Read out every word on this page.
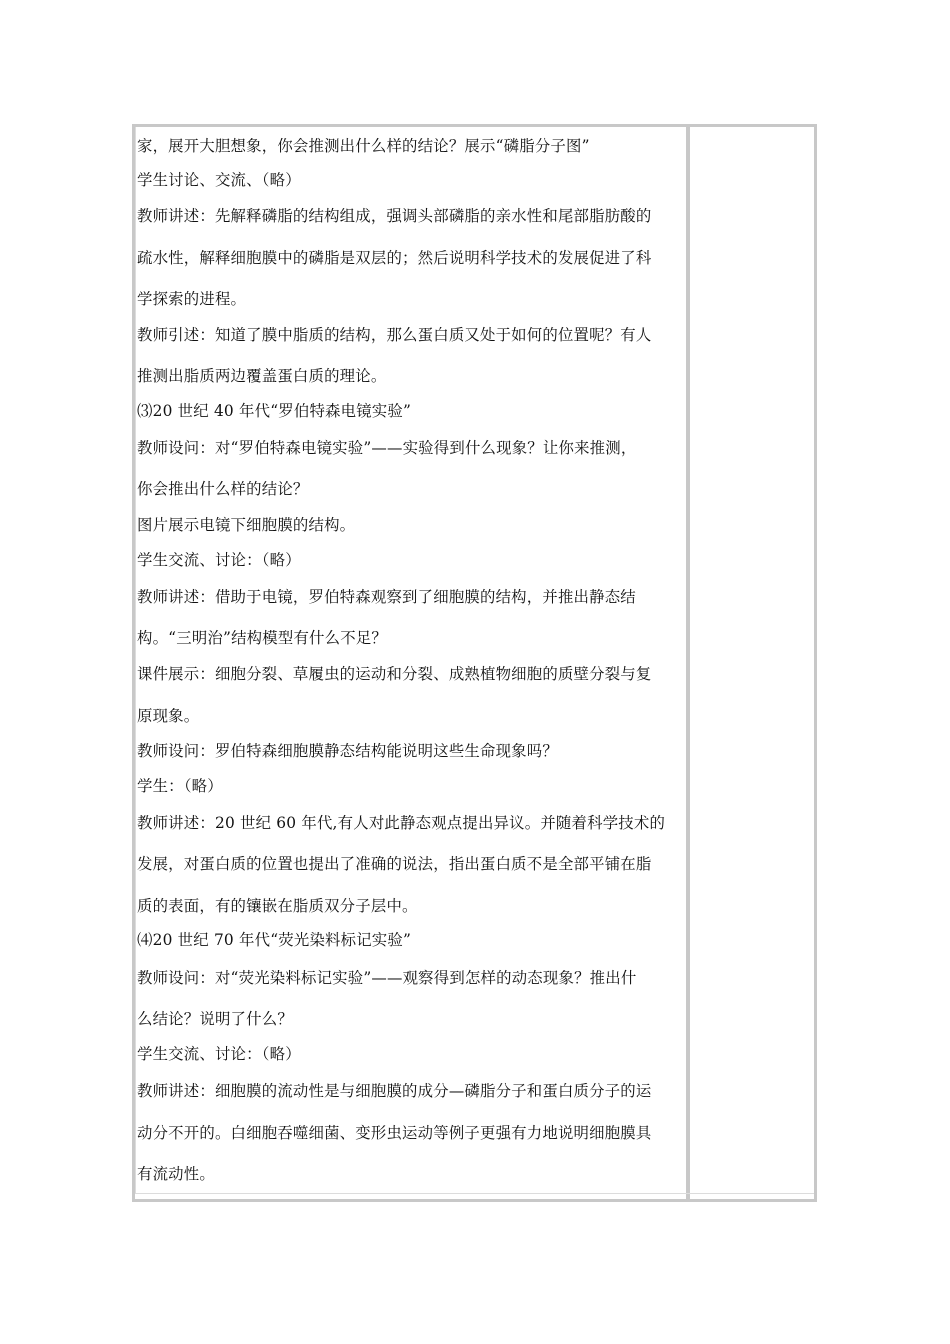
家，展开大胆想象，你会推测出什么样的结论？展示“磷脂分子图”
学生讨论、交流、（略）
教师讲述：先解释磷脂的结构组成，强调头部磷脂的亲水性和尾部脂肪酸的
疏水性，解释细胞膜中的磷脂是双层的；然后说明科学技术的发展促进了科
学探索的进程。
教师引述：知道了膜中脂质的结构，那么蛋白质又处于如何的位置呢？有人
推测出脂质两边覆盖蛋白质的理论。
⑶20 世纪 40 年代“罗伯特森电镜实验”
教师设问：对“罗伯特森电镜实验”——实验得到什么现象？让你来推测，
你会推出什么样的结论？
图片展示电镜下细胞膜的结构。
学生交流、讨论：（略）
教师讲述：借助于电镜，罗伯特森观察到了细胞膜的结构，并推出静态结
构。“三明治”结构模型有什么不足？
课件展示：细胞分裂、草履虫的运动和分裂、成熟植物细胞的质壁分裂与复
原现象。
教师设问：罗伯特森细胞膜静态结构能说明这些生命现象吗？
学生：（略）
教师讲述：20 世纪 60 年代,有人对此静态观点提出异议。并随着科学技术的
发展，对蛋白质的位置也提出了准确的说法，指出蛋白质不是全部平铺在脂
质的表面，有的镶嵌在脂质双分子层中。
⑷20 世纪 70 年代“荧光染料标记实验”
教师设问：对“荧光染料标记实验”——观察得到怎样的动态现象？推出什
么结论？说明了什么？
学生交流、讨论：（略）
教师讲述：细胞膜的流动性是与细胞膜的成分—磷脂分子和蛋白质分子的运
动分不开的。白细胞吞噬细菌、变形虫运动等例子更强有力地说明细胞膜具
有流动性。
